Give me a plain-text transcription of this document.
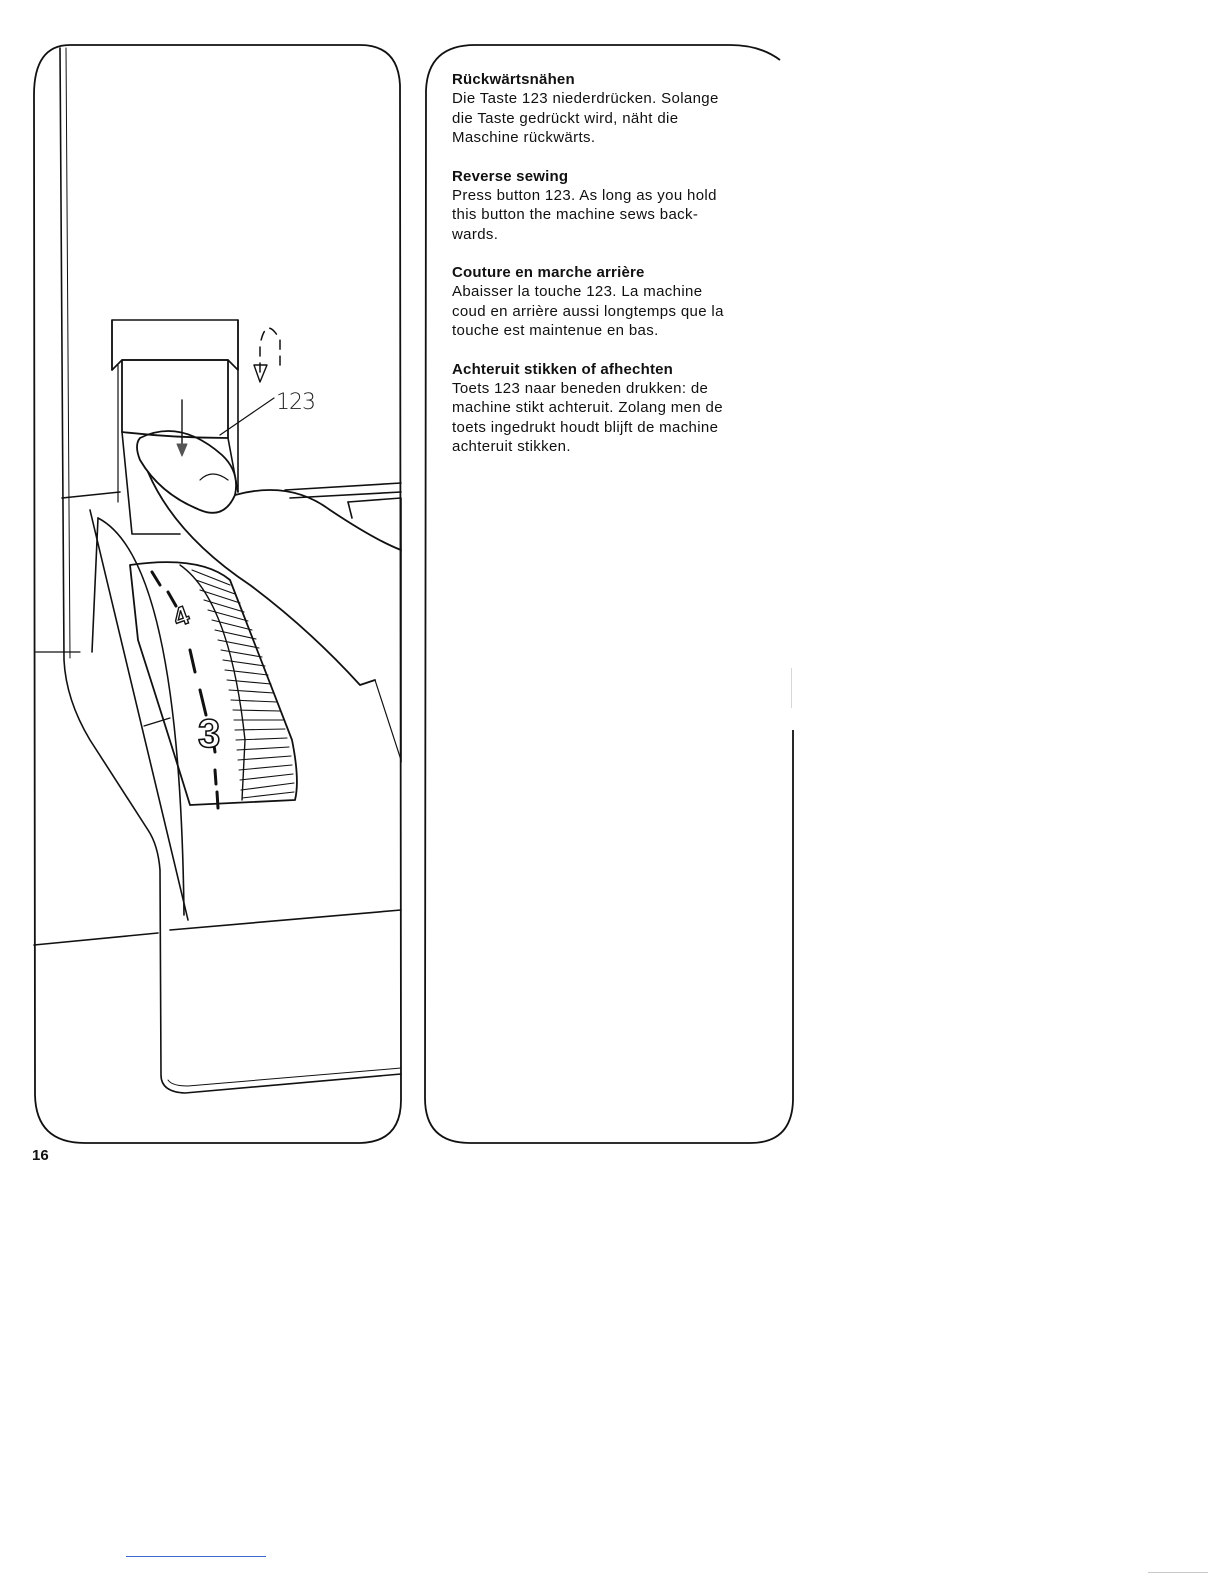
123
4
3
Rückwärtsnähen

Die Taste 123 niederdrücken. Solange
die Taste gedrückt wird, näht die
Maschine rückwärts.

Reverse sewing

Press button 123. As long as you hold
this button the machine sews back-
wards.

Couture en marche arrière

Abaisser la touche 123. La machine
coud en arrière aussi longtemps que la
touche est maintenue en bas.

Achteruit stikken of afhechten

Toets 123 naar beneden drukken: de
machine stikt achteruit. Zolang men de
toets ingedrukt houdt blijft de machine
achteruit stikken.

16
